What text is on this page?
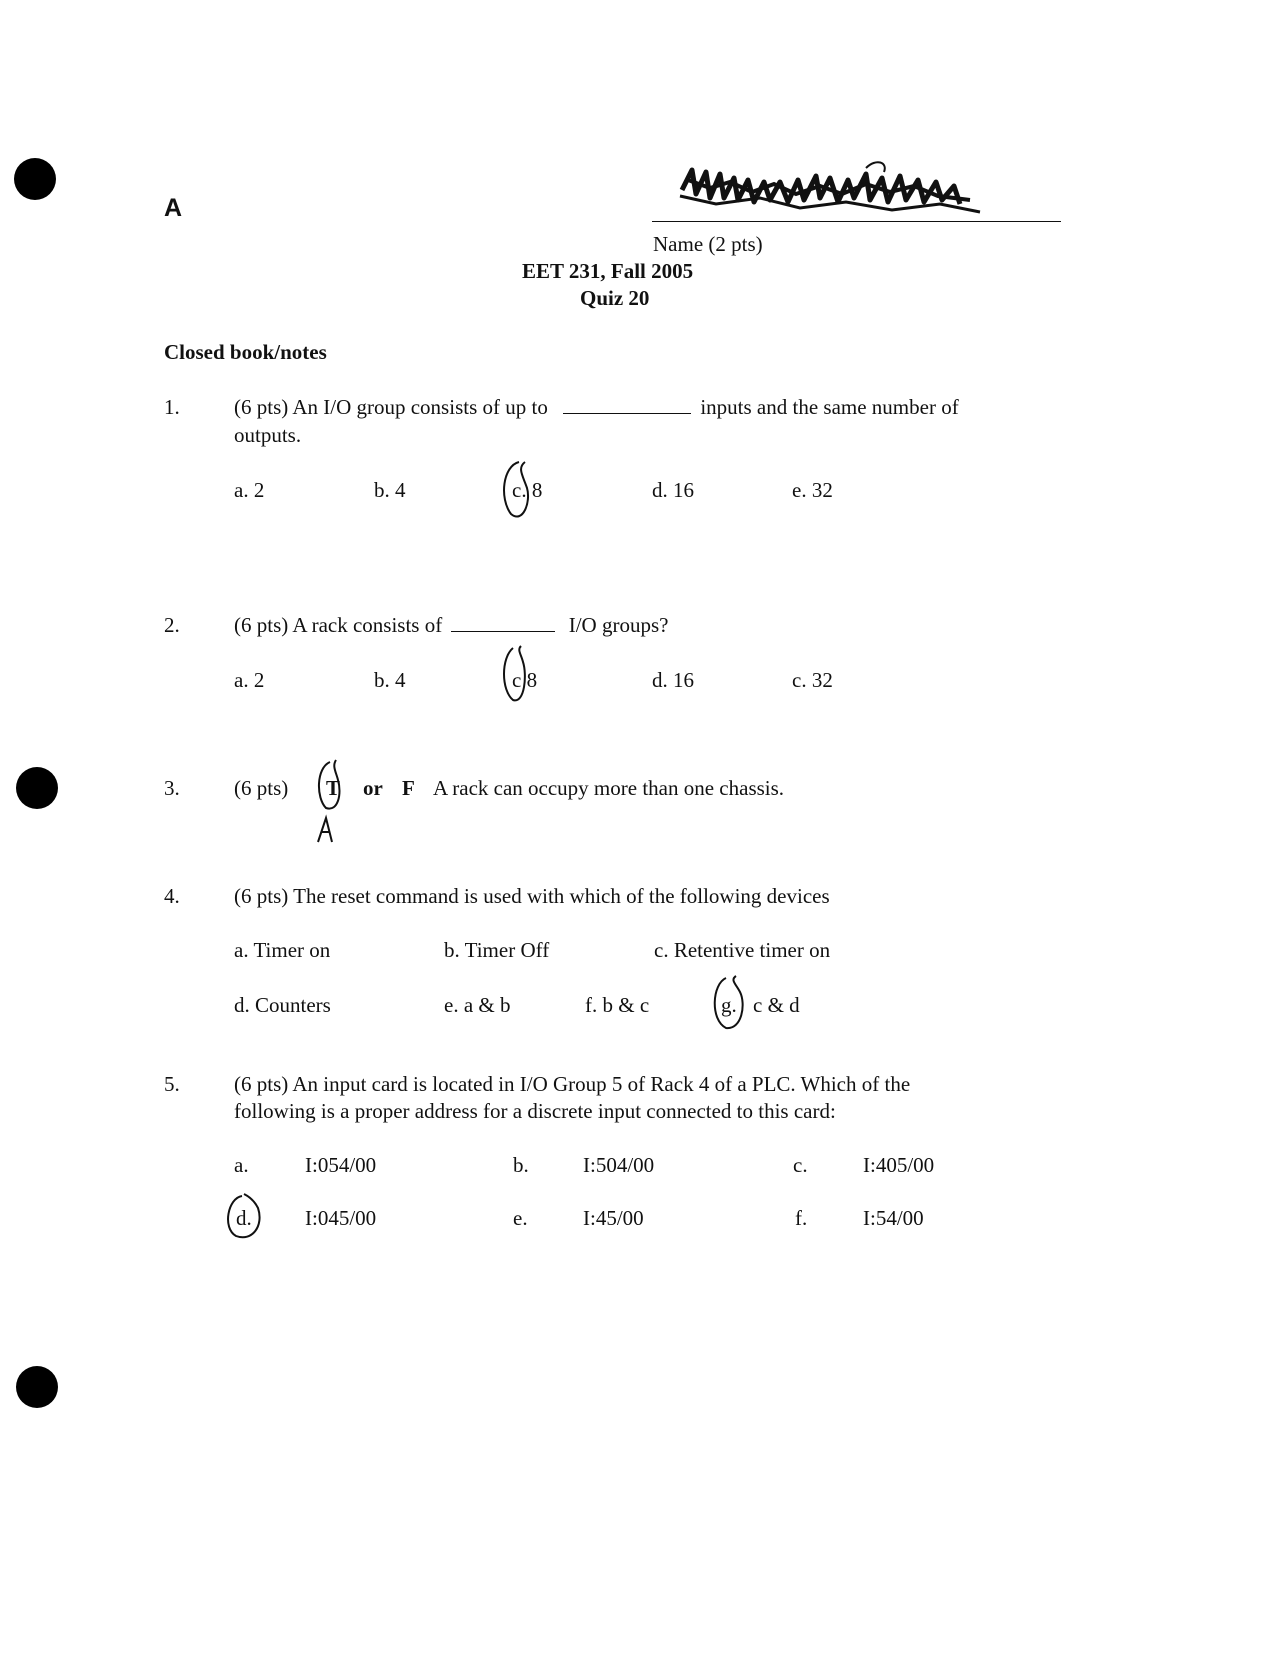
A
Name (2 pts)
EET 231, Fall 2005
Quiz 20
Closed book/notes
1.	(6 pts) An I/O group consists of up to	inputs and the same number of
outputs.
a. 2	b. 4	c. 8	d. 16	e. 32
2.	(6 pts) A rack consists of	I/O groups?
a. 2	b. 4	c 8	d. 16	c. 32
3.	(6 pts) T or F A rack can occupy more than one chassis.
4.	(6 pts) The reset command is used with which of the following devices
a. Timer on	b. Timer Off	c. Retentive timer on
d. Counters	e. a & b	f. b & c	g. c & d
5.	(6 pts) An input card is located in I/O Group 5 of Rack 4 of a PLC. Which of the
following is a proper address for a discrete input connected to this card:
a.	I:054/00	b.	I:504/00	c.	I:405/00
d.	I:045/00	e.	I:45/00	f.	I:54/00
